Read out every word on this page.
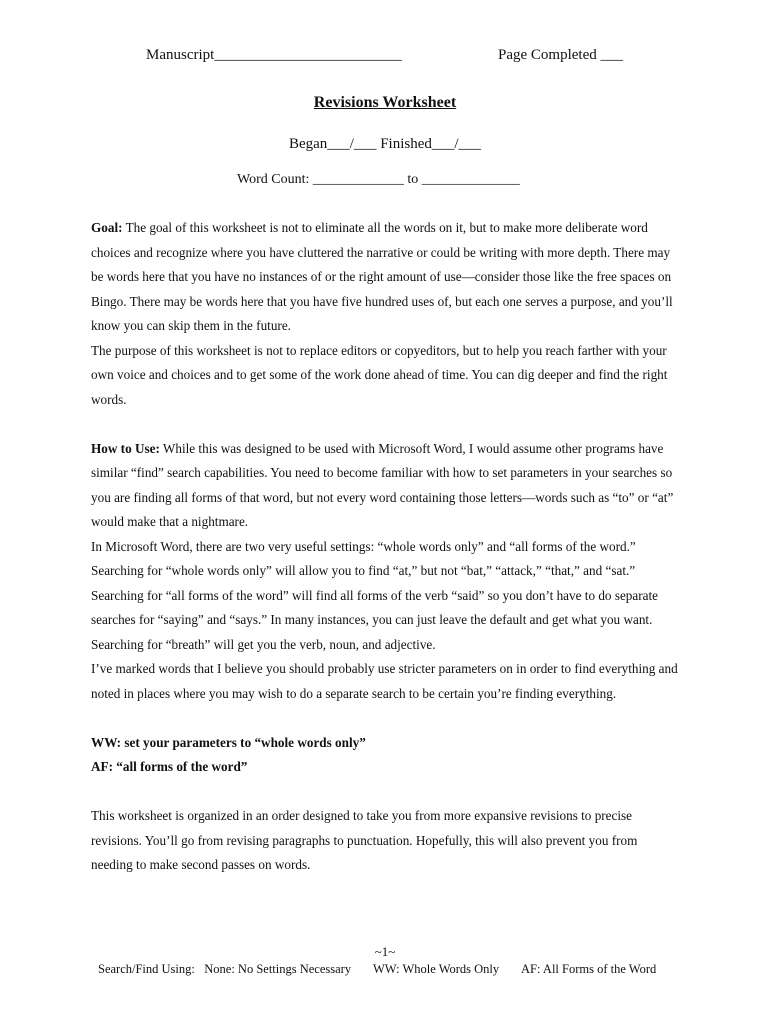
Manuscript_________________________	Page Completed ___
Revisions Worksheet
Began___/___ Finished___/___
Word Count: _____________ to ______________

Goal: The goal of this worksheet is not to eliminate all the words on it, but to make more deliberate word choices and recognize where you have cluttered the narrative or could be writing with more depth. There may be words here that you have no instances of or the right amount of use—consider those like the free spaces on Bingo. There may be words here that you have five hundred uses of, but each one serves a purpose, and you’ll know you can skip them in the future.

The purpose of this worksheet is not to replace editors or copyeditors, but to help you reach farther with your own voice and choices and to get some of the work done ahead of time. You can dig deeper and find the right words.

How to Use: While this was designed to be used with Microsoft Word, I would assume other programs have similar “find” search capabilities. You need to become familiar with how to set parameters in your searches so you are finding all forms of that word, but not every word containing those letters—words such as “to” or “at” would make that a nightmare.

In Microsoft Word, there are two very useful settings: “whole words only” and “all forms of the word.” Searching for “whole words only” will allow you to find “at,” but not “bat,” “attack,” “that,” and “sat.” Searching for “all forms of the word” will find all forms of the verb “said” so you don’t have to do separate searches for “saying” and “says.” In many instances, you can just leave the default and get what you want. Searching for “breath” will get you the verb, noun, and adjective.

I’ve marked words that I believe you should probably use stricter parameters on in order to find everything and noted in places where you may wish to do a separate search to be certain you’re finding everything.

WW: set your parameters to “whole words only”

AF: “all forms of the word”

This worksheet is organized in an order designed to take you from more expansive revisions to precise revisions. You’ll go from revising paragraphs to punctuation. Hopefully, this will also prevent you from needing to make second passes on words.

~1~
Search/Find Using: None: No Settings Necessary WW: Whole Words Only AF: All Forms of the Word
